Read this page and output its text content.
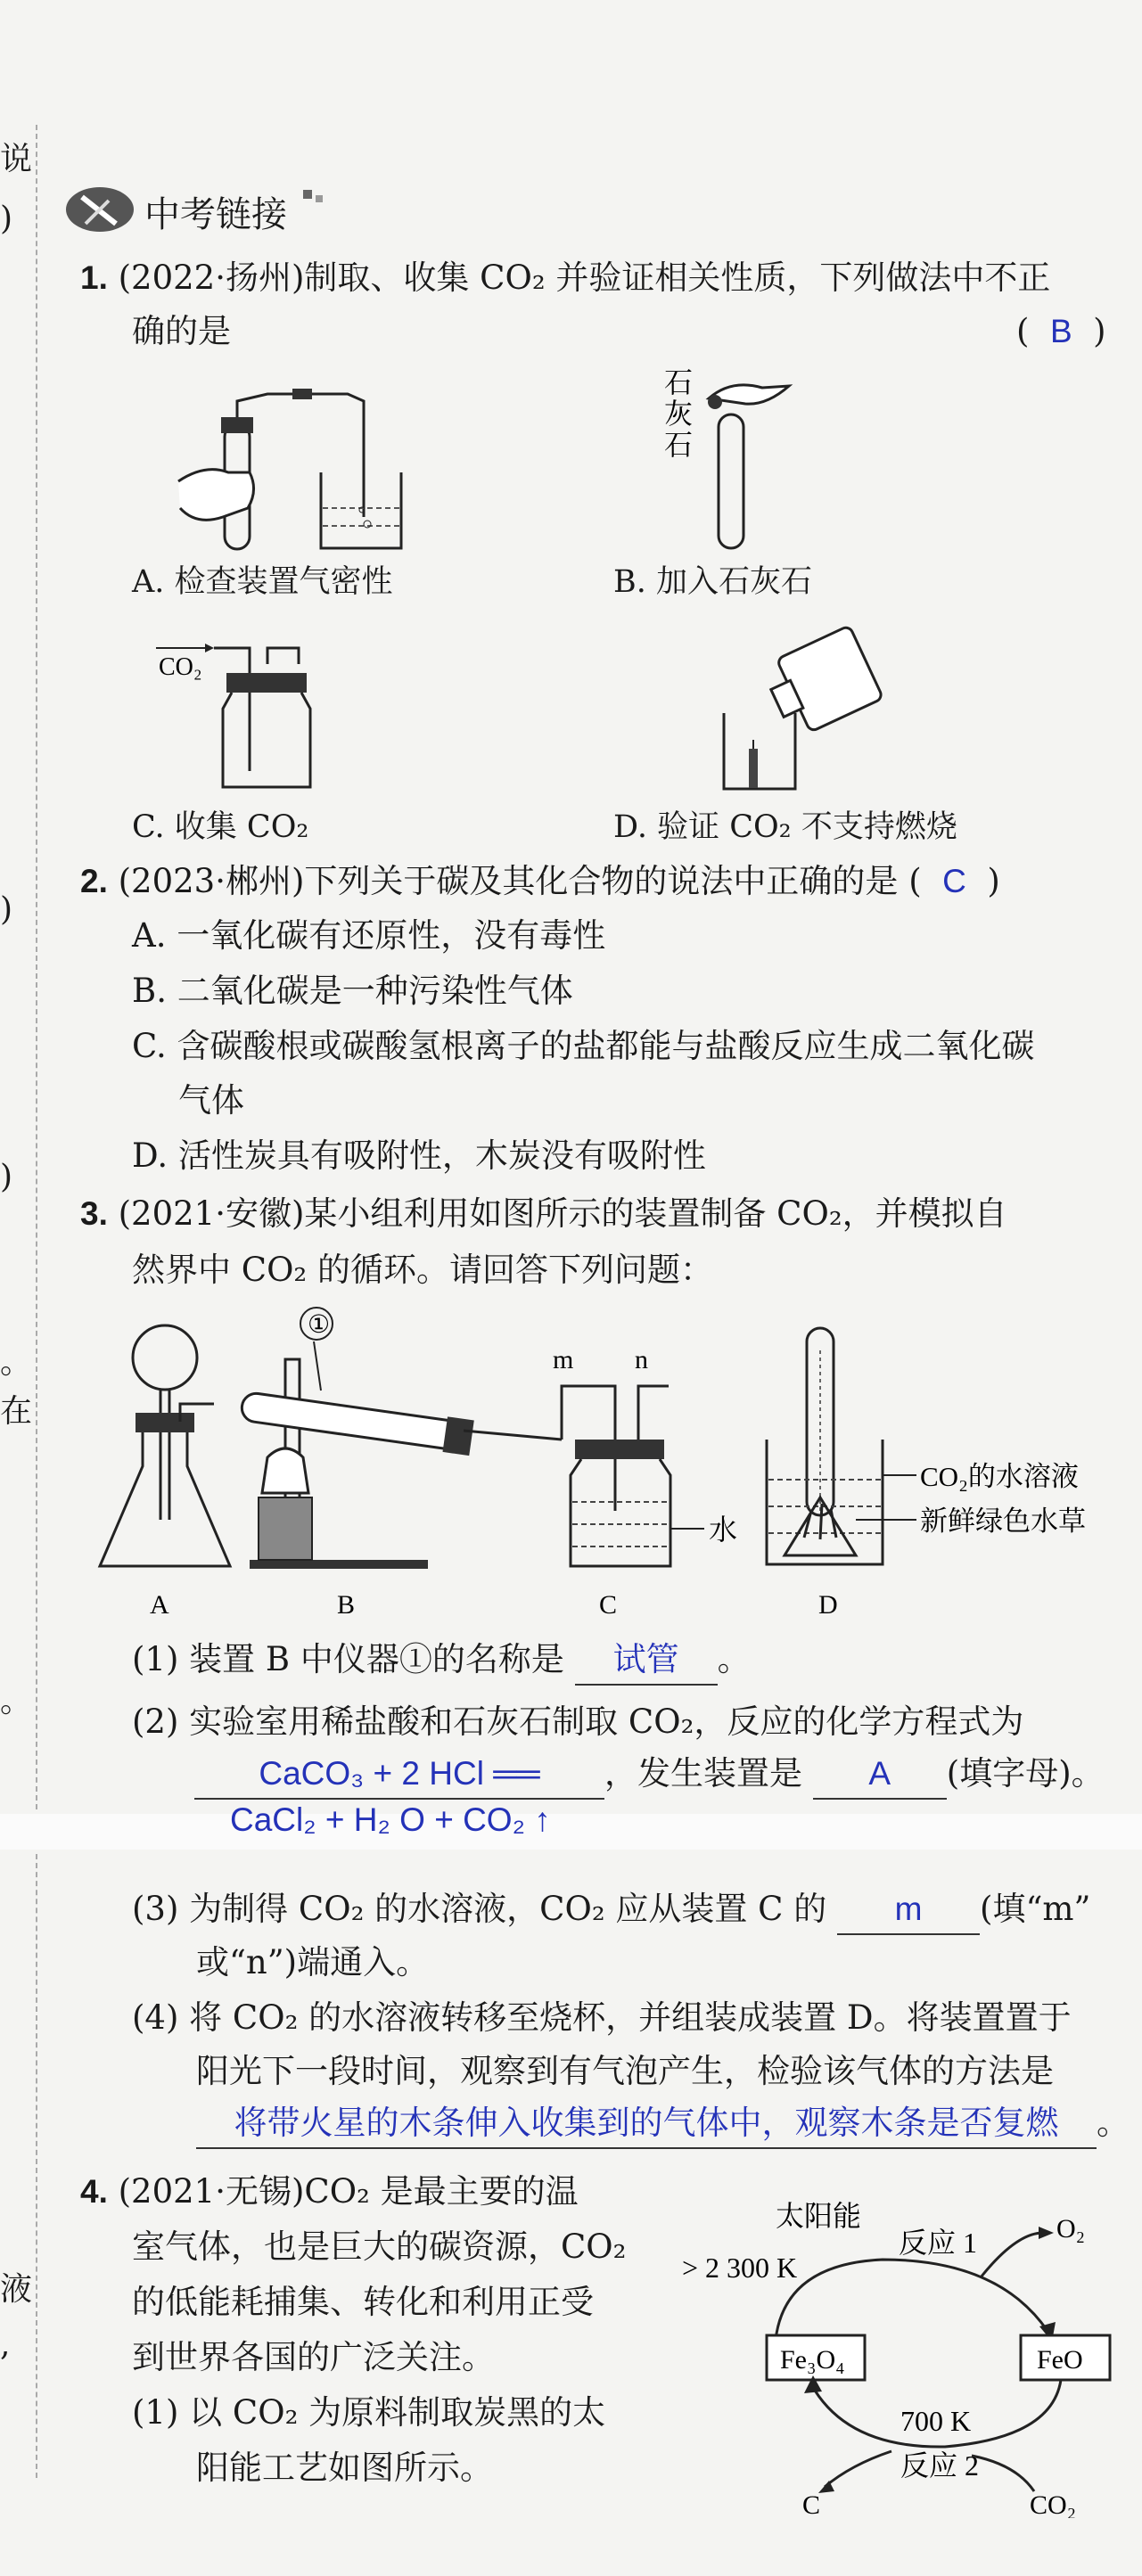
说
)
)
)
。
在
。
液
,
中考链接
1. (2022·扬州)制取、收集 CO₂ 并验证相关性质，下列做法中不正
确的是	(  B  )
A. 检查装置气密性
石
灰
石
B. 加入石灰石
CO₂
C. 收集 CO₂	D. 验证 CO₂ 不支持燃烧
2. (2023·郴州)下列关于碳及其化合物的说法中正确的是 (  C  )
A. 一氧化碳有还原性，没有毒性
B. 二氧化碳是一种污染性气体
C. 含碳酸根或碳酸氢根离子的盐都能与盐酸反应生成二氧化碳
气体
D. 活性炭具有吸附性，木炭没有吸附性
3. (2021·安徽)某小组利用如图所示的装置制备 CO₂，并模拟自
然界中 CO₂ 的循环。请回答下列问题：
①
m n
水
CO₂的水溶液
新鲜绿色水草
A	B	C	D
(1) 装置 B 中仪器①的名称是 试管 。
(2) 实验室用稀盐酸和石灰石制取 CO₂，反应的化学方程式为
CaCO₃ + 2 HCl ══ ，发生装置是 A (填字母)。
CaCl₂ + H₂ O + CO₂ ↑
(3) 为制得 CO₂ 的水溶液，CO₂ 应从装置 C 的 m (填“m”
或“n”)端通入。
(4) 将 CO₂ 的水溶液转移至烧杯，并组装成装置 D。将装置置于
阳光下一段时间，观察到有气泡产生，检验该气体的方法是
将带火星的木条伸入收集到的气体中，观察木条是否复燃 。
4. (2021·无锡)CO₂ 是最主要的温
室气体，也是巨大的碳资源，CO₂
的低能耗捕集、转化和利用正受
到世界各国的广泛关注。
(1) 以 CO₂ 为原料制取炭黑的太
阳能工艺如图所示。
太阳能
> 2 300 K
反应 1	O₂
Fe₃O₄	FeO
700 K
反应 2
C	CO₂
